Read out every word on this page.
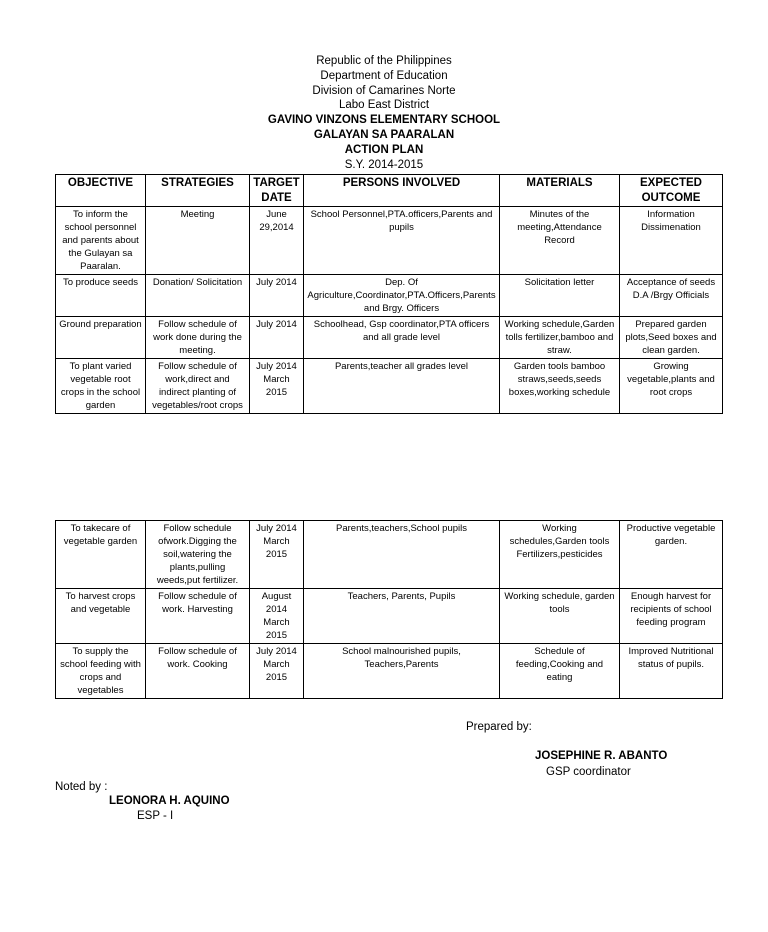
Republic of the Philippines
Department of Education
Division of Camarines Norte
Labo East District
GAVINO VINZONS ELEMENTARY SCHOOL
GALAYAN SA PAARALAN
ACTION PLAN
S.Y. 2014-2015
OBJECTIVE	STRATEGIES	TARGET DATE	PERSONS INVOLVED	MATERIALS	EXPECTED OUTCOME
To inform the school personnel and parents about the Gulayan sa Paaralan.	Meeting	June 29,2014	School Personnel,PTA.officers,Parents and pupils	Minutes of the meeting,Attendance Record	Information Dissimenation
To produce seeds	Donation/ Solicitation	July 2014	Dep. Of Agriculture,Coordinator,PTA.Officers,Parents and Brgy. Officers	Solicitation letter	Acceptance of seeds D.A /Brgy Officials
Ground preparation	Follow schedule of work done during the meeting.	July 2014	Schoolhead, Gsp coordinator,PTA officers and all grade level	Working schedule,Garden tolls fertilizer,bamboo and straw.	Prepared garden plots,Seed boxes and clean garden.
To plant varied vegetable root crops in the school garden	Follow schedule of work,direct and indirect planting of vegetables/root crops	July 2014 March 2015	Parents,teacher all grades level	Garden tools bamboo straws,seeds,seeds boxes,working schedule	Growing vegetable,plants and root crops
To takecare of vegetable garden	Follow schedule ofwork.Digging the soil,watering the plants,pulling weeds,put fertilizer.	July 2014 March 2015	Parents,teachers,School pupils	Working schedules,Garden tools Fertilizers,pesticides	Productive vegetable garden.
To harvest crops and vegetable	Follow schedule of work. Harvesting	August 2014 March 2015	Teachers, Parents, Pupils	Working schedule, garden tools	Enough harvest for recipients of school feeding program
To supply the school feeding with crops and vegetables	Follow schedule of work. Cooking	July 2014 March 2015	School malnourished pupils, Teachers,Parents	Schedule of feeding,Cooking and eating	Improved Nutritional status of pupils.
Prepared by:
JOSEPHINE R. ABANTO
GSP coordinator
Noted by :
LEONORA H. AQUINO
ESP - I
